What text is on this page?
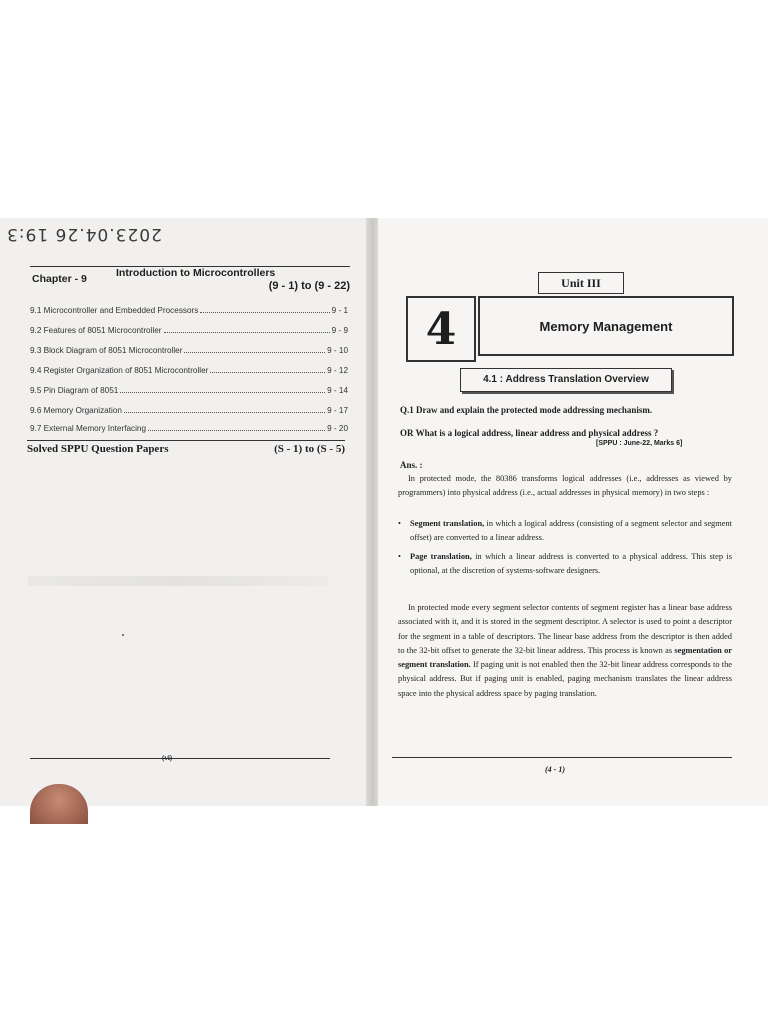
2023.04.26 19:3
Chapter - 9	Introduction to Microcontrollers
(9 - 1) to (9 - 22)
9.1 Microcontroller and Embedded Processors	9 - 1
9.2 Features of 8051 Microcontroller	9 - 9
9.3 Block Diagram of 8051 Microcontroller	9 - 10
9.4 Register Organization of 8051 Microcontroller	9 - 12
9.5 Pin Diagram of 8051	9 - 14
9.6 Memory Organization	9 - 17
9.7 External Memory Interfacing	9 - 20
Solved SPPU Question Papers	(S - 1) to (S - 5)
(vi)
Unit III
4	Memory Management
4.1 : Address Translation Overview
Q.1 Draw and explain the protected mode addressing mechanism.
OR What is a logical address, linear address and physical address ?
[SPPU : June-22, Marks 6]
Ans. :

In protected mode, the 80386 transforms logical addresses (i.e., addresses as viewed by programmers) into physical address (i.e., actual addresses in physical memory) in two steps :

• Segment translation, in which a logical address (consisting of a segment selector and segment offset) are converted to a linear address.
• Page translation, in which a linear address is converted to a physical address. This step is optional, at the discretion of systems-software designers.

In protected mode every segment selector contents of segment register has a linear base address associated with it, and it is stored in the segment descriptor. A selector is used to point a descriptor for the segment in a table of descriptors. The linear base address from the descriptor is then added to the 32-bit offset to generate the 32-bit linear address. This process is known as segmentation or segment translation. If paging unit is not enabled then the 32-bit linear address corresponds to the physical address. But if paging unit is enabled, paging mechanism translates the linear address space into the physical address space by paging translation.

(4 - 1)
